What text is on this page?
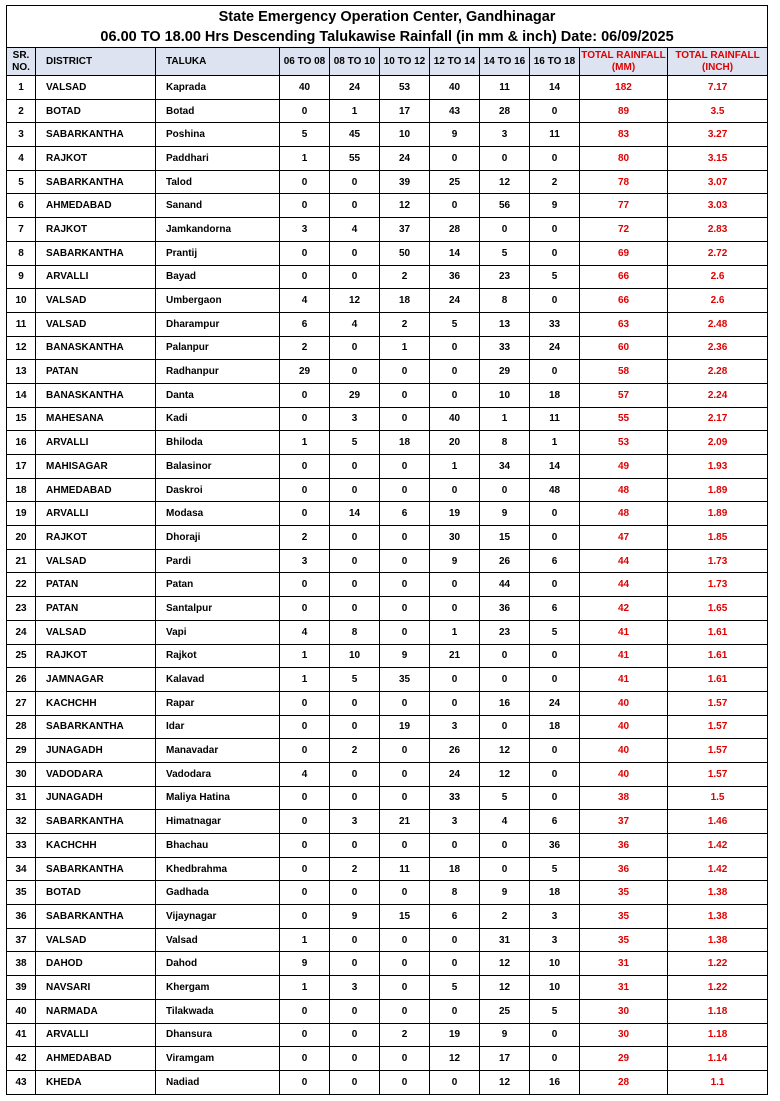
State Emergency Operation Center, Gandhinagar										
06.00 TO 18.00 Hrs Descending Talukawise Rainfall (in mm & inch) Date: 06/09/2025										
SR. NO.	DISTRICT	TALUKA	06 TO 08	08 TO 10	10 TO 12	12 TO 14	14 TO 16	16 TO 18	TOTAL RAINFALL (MM)	TOTAL RAINFALL (INCH)
1	VALSAD	Kaprada	40	24	53	40	11	14	182	7.17
2	BOTAD	Botad	0	1	17	43	28	0	89	3.5
3	SABARKANTHA	Poshina	5	45	10	9	3	11	83	3.27
4	RAJKOT	Paddhari	1	55	24	0	0	0	80	3.15
5	SABARKANTHA	Talod	0	0	39	25	12	2	78	3.07
6	AHMEDABAD	Sanand	0	0	12	0	56	9	77	3.03
7	RAJKOT	Jamkandorna	3	4	37	28	0	0	72	2.83
8	SABARKANTHA	Prantij	0	0	50	14	5	0	69	2.72
9	ARVALLI	Bayad	0	0	2	36	23	5	66	2.6
10	VALSAD	Umbergaon	4	12	18	24	8	0	66	2.6
11	VALSAD	Dharampur	6	4	2	5	13	33	63	2.48
12	BANASKANTHA	Palanpur	2	0	1	0	33	24	60	2.36
13	PATAN	Radhanpur	29	0	0	0	29	0	58	2.28
14	BANASKANTHA	Danta	0	29	0	0	10	18	57	2.24
15	MAHESANA	Kadi	0	3	0	40	1	11	55	2.17
16	ARVALLI	Bhiloda	1	5	18	20	8	1	53	2.09
17	MAHISAGAR	Balasinor	0	0	0	1	34	14	49	1.93
18	AHMEDABAD	Daskroi	0	0	0	0	0	48	48	1.89
19	ARVALLI	Modasa	0	14	6	19	9	0	48	1.89
20	RAJKOT	Dhoraji	2	0	0	30	15	0	47	1.85
21	VALSAD	Pardi	3	0	0	9	26	6	44	1.73
22	PATAN	Patan	0	0	0	0	44	0	44	1.73
23	PATAN	Santalpur	0	0	0	0	36	6	42	1.65
24	VALSAD	Vapi	4	8	0	1	23	5	41	1.61
25	RAJKOT	Rajkot	1	10	9	21	0	0	41	1.61
26	JAMNAGAR	Kalavad	1	5	35	0	0	0	41	1.61
27	KACHCHH	Rapar	0	0	0	0	16	24	40	1.57
28	SABARKANTHA	Idar	0	0	19	3	0	18	40	1.57
29	JUNAGADH	Manavadar	0	2	0	26	12	0	40	1.57
30	VADODARA	Vadodara	4	0	0	24	12	0	40	1.57
31	JUNAGADH	Maliya Hatina	0	0	0	33	5	0	38	1.5
32	SABARKANTHA	Himatnagar	0	3	21	3	4	6	37	1.46
33	KACHCHH	Bhachau	0	0	0	0	0	36	36	1.42
34	SABARKANTHA	Khedbrahma	0	2	11	18	0	5	36	1.42
35	BOTAD	Gadhada	0	0	0	8	9	18	35	1.38
36	SABARKANTHA	Vijaynagar	0	9	15	6	2	3	35	1.38
37	VALSAD	Valsad	1	0	0	0	31	3	35	1.38
38	DAHOD	Dahod	9	0	0	0	12	10	31	1.22
39	NAVSARI	Khergam	1	3	0	5	12	10	31	1.22
40	NARMADA	Tilakwada	0	0	0	0	25	5	30	1.18
41	ARVALLI	Dhansura	0	0	2	19	9	0	30	1.18
42	AHMEDABAD	Viramgam	0	0	0	12	17	0	29	1.14
43	KHEDA	Nadiad	0	0	0	0	12	16	28	1.1
